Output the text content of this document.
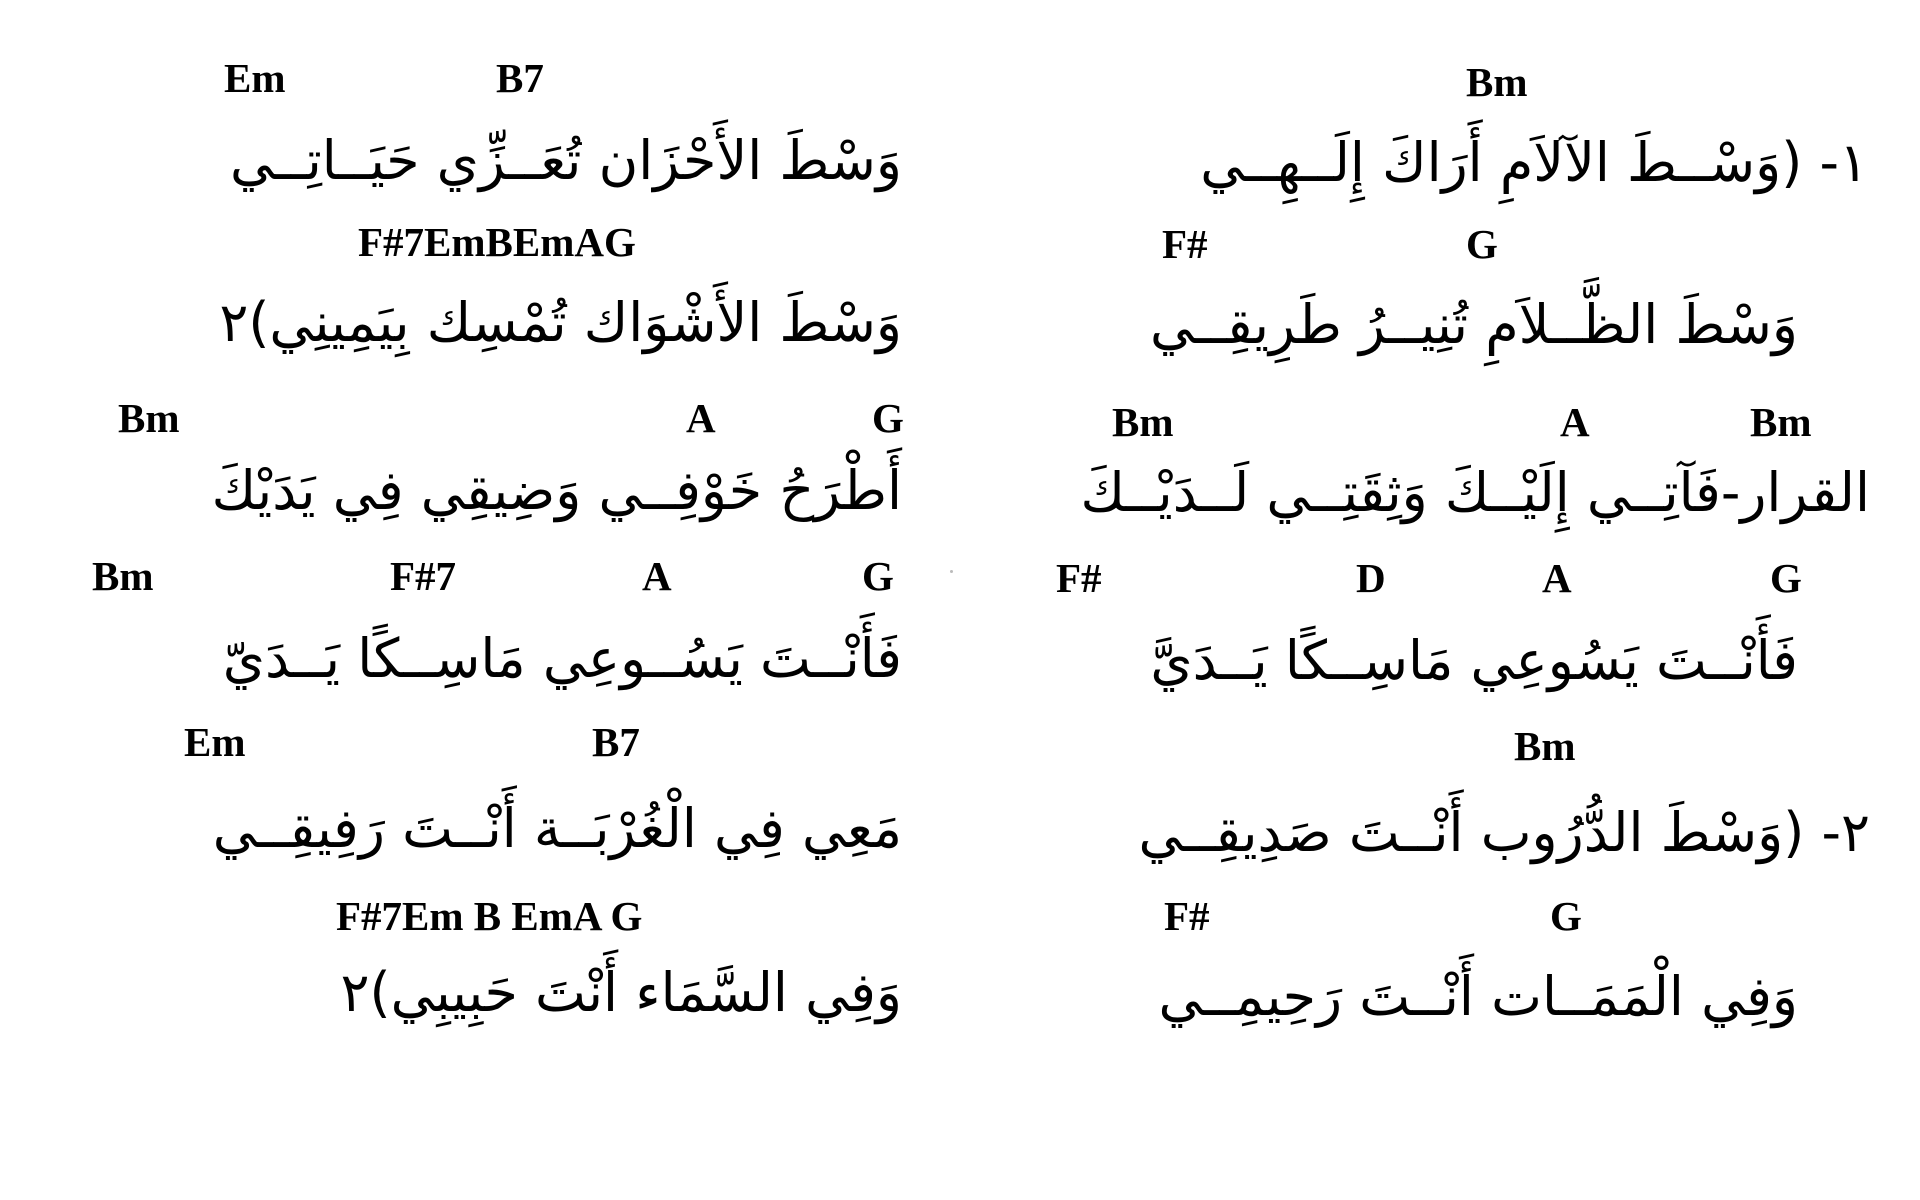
Em	B7
وَسْطَ الأَحْزَان تُعَــزِّي حَيَــاتِــي
F#7EmBEmAG
وَسْطَ الأَشْوَاك تُمْسِك بِيَمِينِي)٢
Bm	A	G
أَطْرَحُ خَوْفِــي وَضِيقِي فِي يَدَيْكَ
Bm	F#7	A	G
فَأَنْــتَ يَسُــوعِي مَاسِــكًا يَــدَيّ
Em	B7
مَعِي فِي الْغُرْبَــة أَنْــتَ رَفِيقِــي
F#7Em B EmA G
وَفِي السَّمَاء أَنْتَ حَبِيبِي)٢
Bm
١- (وَسْــطَ الآلاَمِ أَرَاكَ إِلَــهِــي
F#	G
وَسْطَ الظَّــلاَمِ تُنِيــرُ طَرِيقِــي
Bm	A	Bm
القرار-فَآتِــي إِلَيْــكَ وَثِقَتِــي لَــدَيْــكَ
F#	D	A	G
فَأَنْــتَ يَسُوعِي مَاسِــكًا يَــدَيَّ
Bm
٢- (وَسْطَ الدُّرُوب أَنْــتَ صَدِيقِــي
F#	G
وَفِي الْمَمَــات أَنْــتَ رَحِيمِــي
